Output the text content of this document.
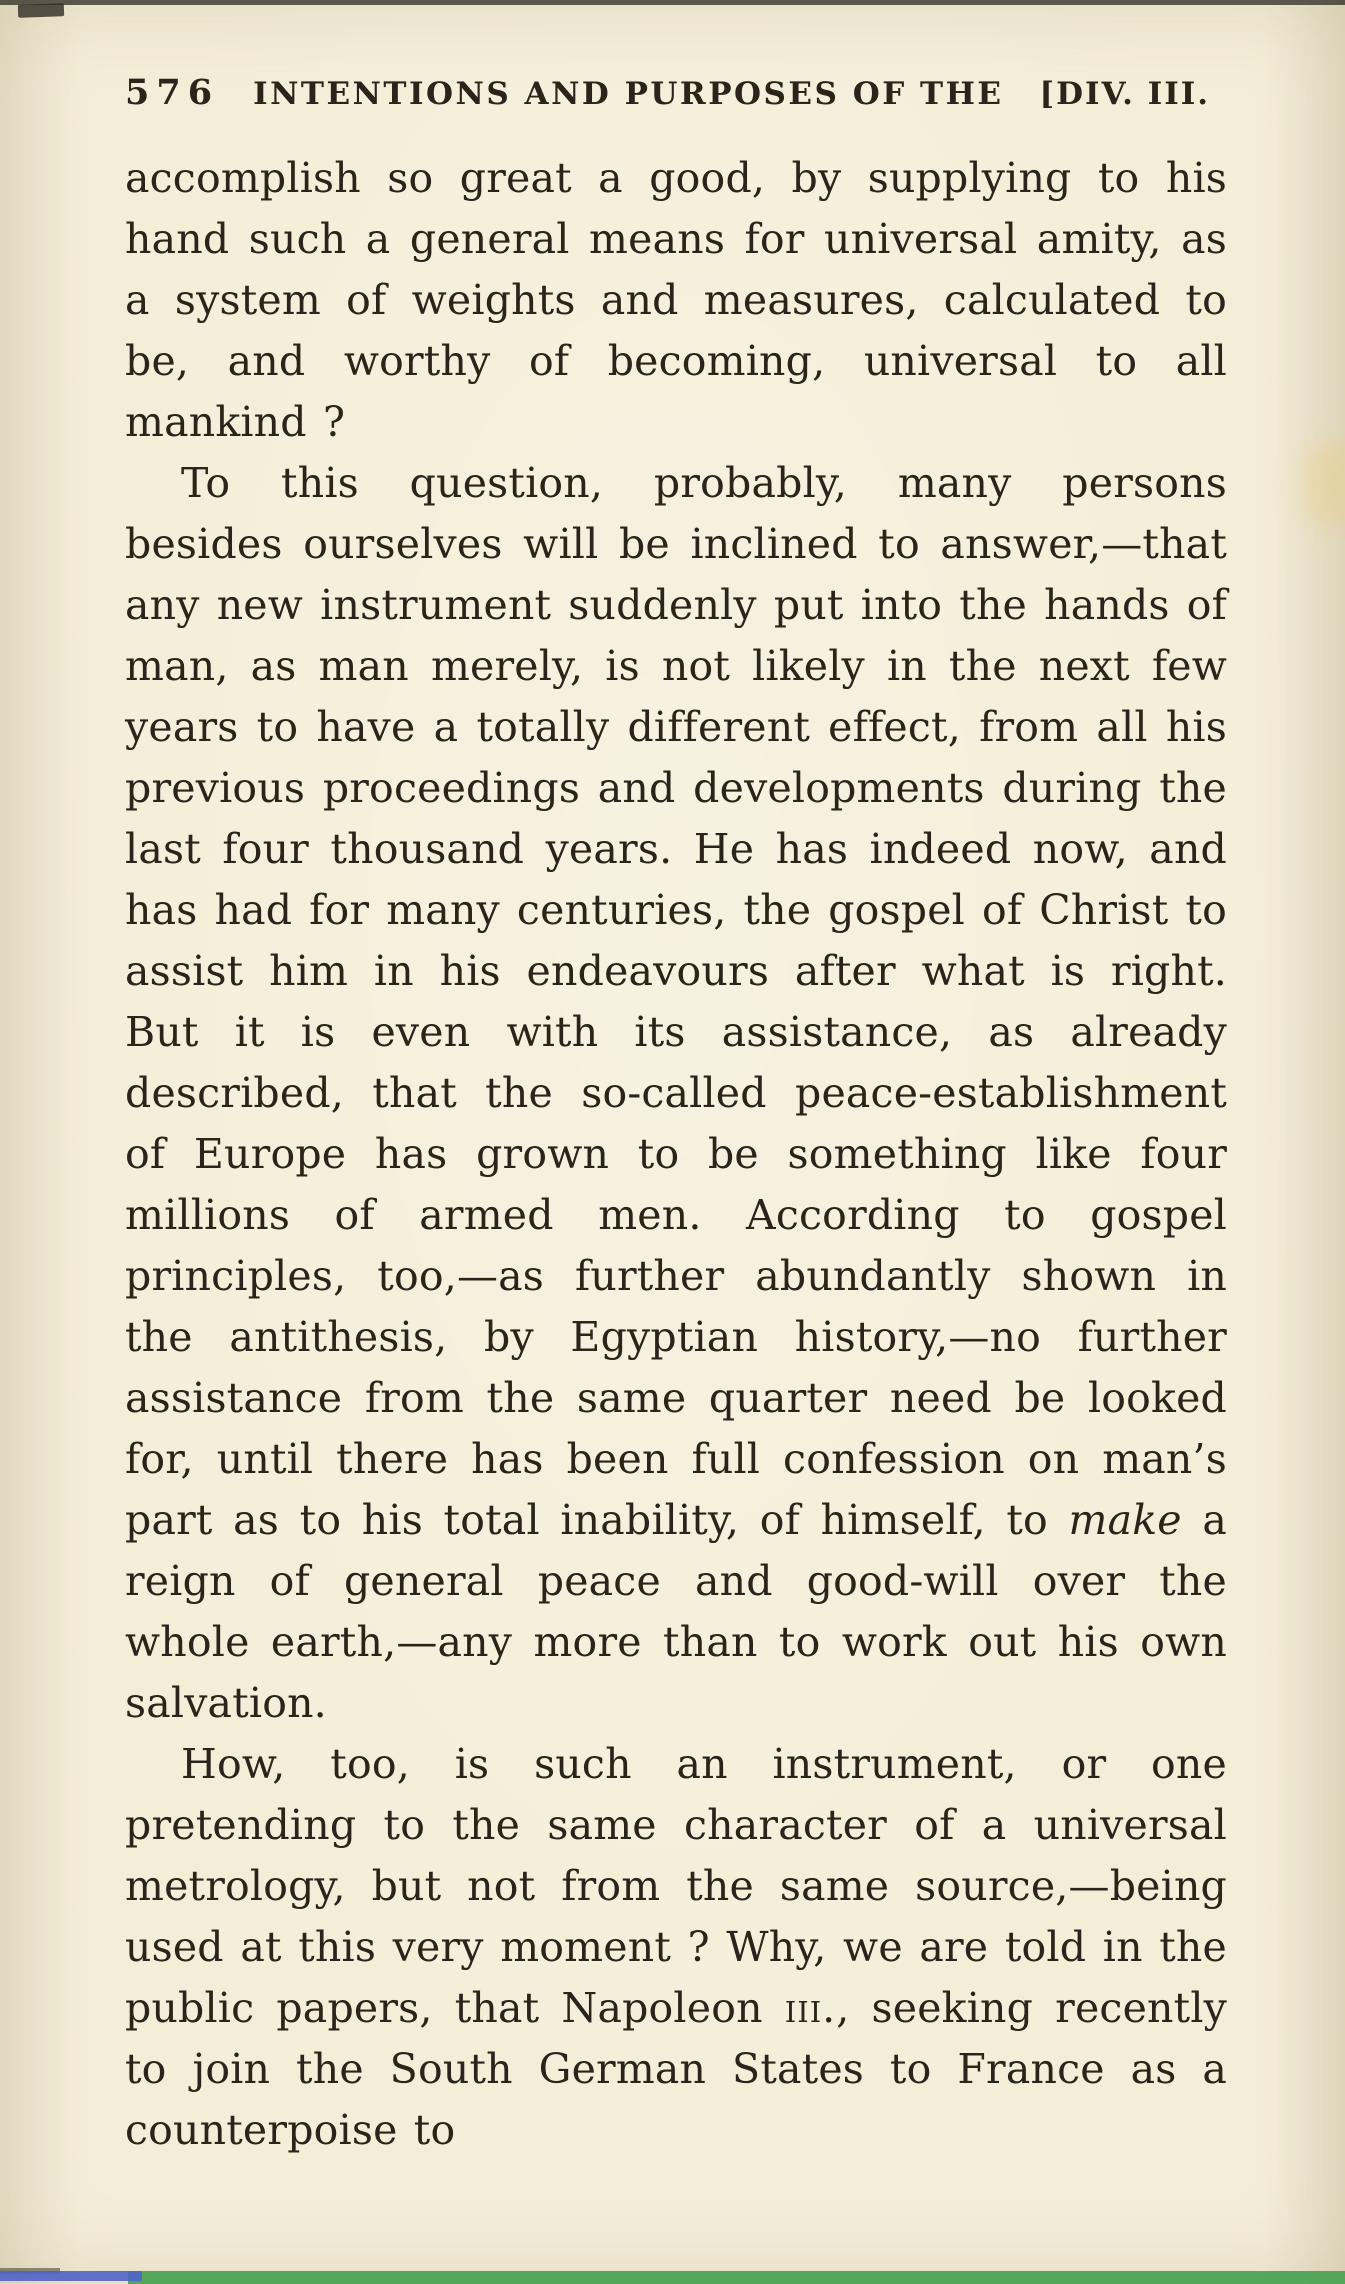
576 INTENTIONS AND PURPOSES OF THE [DIV. III.

accomplish so great a good, by supplying to his hand such a general means for universal amity, as a system of weights and measures, calculated to be, and worthy of becoming, universal to all mankind ?

To this question, probably, many persons besides ourselves will be inclined to answer,—that any new instrument suddenly put into the hands of man, as man merely, is not likely in the next few years to have a totally different effect, from all his previous proceedings and developments during the last four thousand years. He has indeed now, and has had for many centuries, the gospel of Christ to assist him in his endeavours after what is right. But it is even with its assistance, as already described, that the so-called peace-establishment of Europe has grown to be something like four millions of armed men. According to gospel principles, too,—as further abundantly shown in the antithesis, by Egyptian history,—no further assistance from the same quarter need be looked for, until there has been full confession on man’s part as to his total inability, of himself, to make a reign of general peace and good-will over the whole earth,—any more than to work out his own salvation.

How, too, is such an instrument, or one pretending to the same character of a universal metrology, but not from the same source,—being used at this very moment ? Why, we are told in the public papers, that Napoleon iii., seeking recently to join the South German States to France as a counterpoise to
